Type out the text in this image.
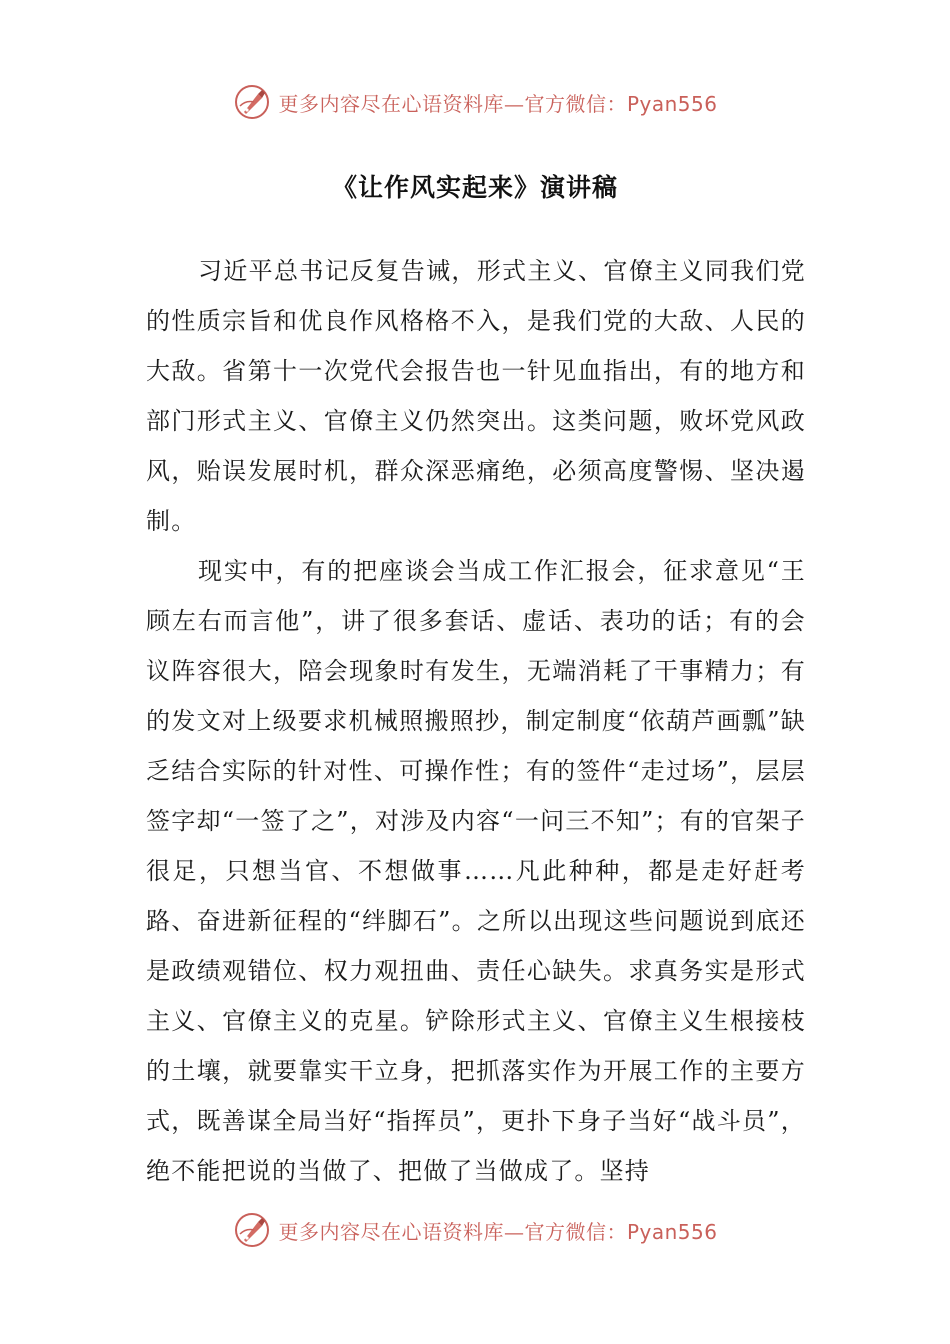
更多内容尽在心语资料库—官方微信：Pyan556
《让作风实起来》演讲稿

习近平总书记反复告诫，形式主义、官僚主义同我们党的性质宗旨和优良作风格格不入，是我们党的大敌、人民的大敌。省第十一次党代会报告也一针见血指出，有的地方和部门形式主义、官僚主义仍然突出。这类问题，败坏党风政风，贻误发展时机，群众深恶痛绝，必须高度警惕、坚决遏制。

现实中，有的把座谈会当成工作汇报会，征求意见“王顾左右而言他”，讲了很多套话、虚话、表功的话；有的会议阵容很大，陪会现象时有发生，无端消耗了干事精力；有的发文对上级要求机械照搬照抄，制定制度“依葫芦画瓢”缺乏结合实际的针对性、可操作性；有的签件“走过场”，层层签字却“一签了之”，对涉及内容“一问三不知”；有的官架子很足，只想当官、不想做事……凡此种种，都是走好赶考路、奋进新征程的“绊脚石”。之所以出现这些问题说到底还是政绩观错位、权力观扭曲、责任心缺失。求真务实是形式主义、官僚主义的克星。铲除形式主义、官僚主义生根接枝的土壤，就要靠实干立身，把抓落实作为开展工作的主要方式，既善谋全局当好“指挥员”，更扑下身子当好“战斗员”，绝不能把说的当做了、把做了当做成了。坚持

更多内容尽在心语资料库—官方微信：Pyan556
